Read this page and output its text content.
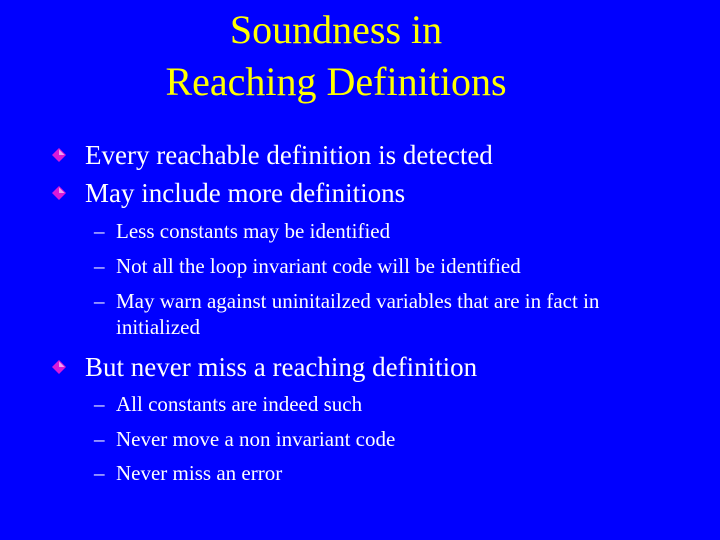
Soundness in
Reaching Definitions
Every reachable definition is detected
May include more definitions
– Less constants may be identified
– Not all the loop invariant code will be identified
– May warn against uninitailzed variables that are in fact in initialized
But never miss a reaching definition
– All constants are indeed such
– Never move a non invariant code
– Never miss an error
